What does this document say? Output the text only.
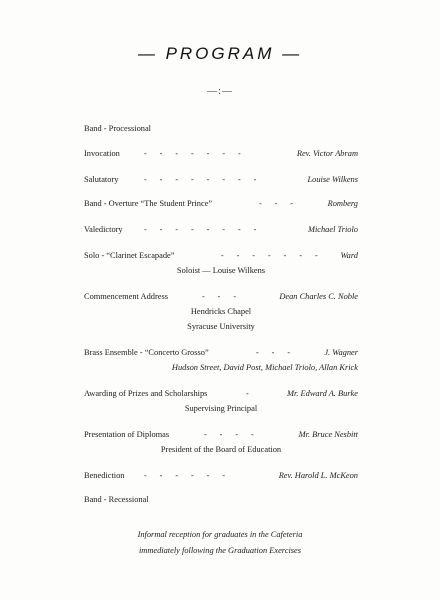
— PROGRAM —
—:—
Band - Processional
Invocation	- - - - - - -	Rev. Victor Abram
Salutatory	- - - - - - - -	Louise Wilkens
Band - Overture “The Student Prince”	- - -	Romberg
Valedictory	- - - - - - - -	Michael Triolo
Solo - “Clarinet Escapade”	- - - - - - - Ward
Soloist — Louise Wilkens
Commencement Address	- - -	Dean Charles C. Noble
Hendricks Chapel
Syracuse University
Brass Ensemble - “Concerto Grosso”	- - -	J. Wagner
Hudson Street, David Post, Michael Triolo, Allan Krick
Awarding of Prizes and Scholarships	-	Mr. Edward A. Burke
Supervising Principal
Presentation of Diplomas	- - - -	Mr. Bruce Nesbitt
President of the Board of Education
Benediction - - - - - -	Rev. Harold L. McKeon
Band - Recessional
Informal reception for graduates in the Cafeteria
immediately following the Graduation Exercises
